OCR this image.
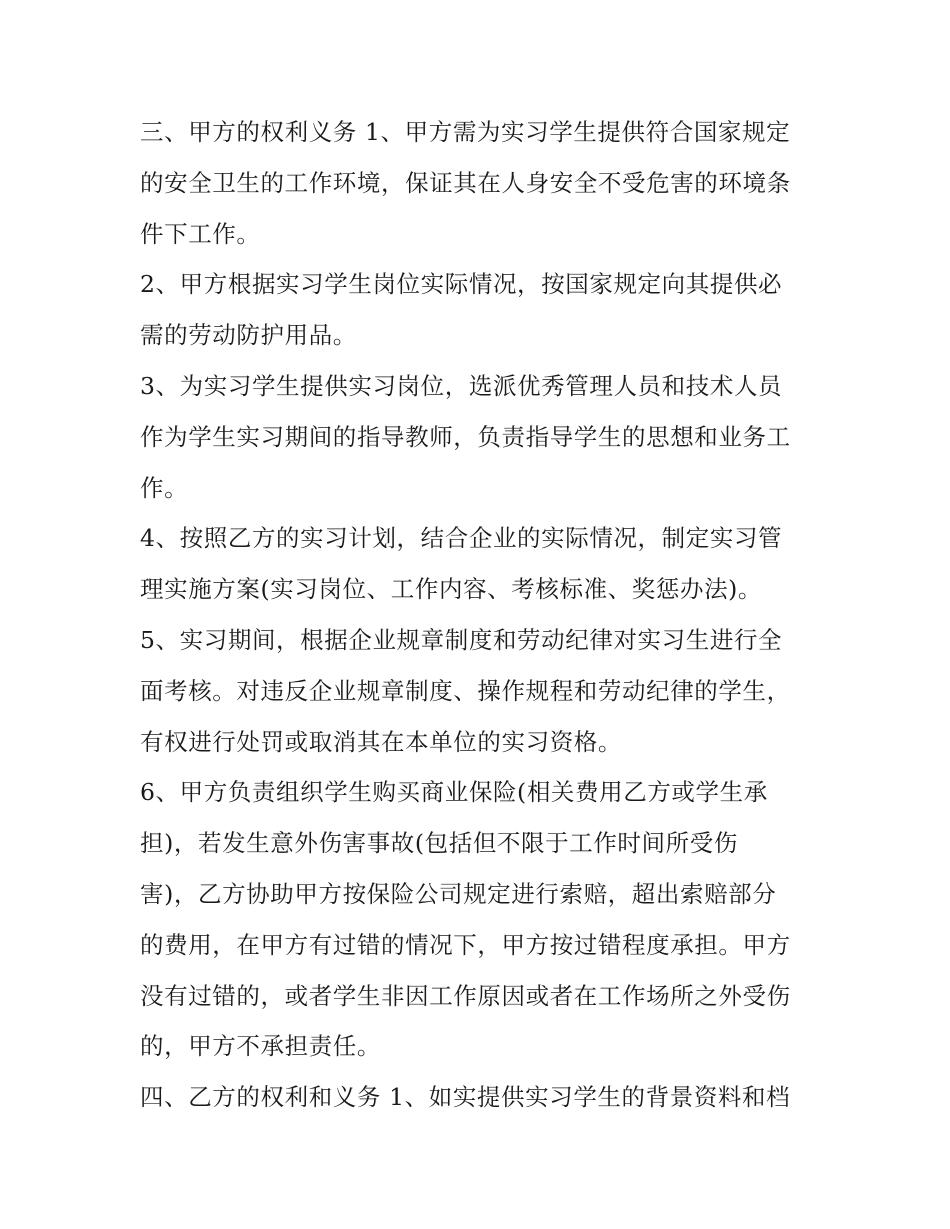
三、甲方的权利义务 1、甲方需为实习学生提供符合国家规定
的安全卫生的工作环境，保证其在人身安全不受危害的环境条
件下工作。
2、甲方根据实习学生岗位实际情况，按国家规定向其提供必
需的劳动防护用品。
3、为实习学生提供实习岗位，选派优秀管理人员和技术人员
作为学生实习期间的指导教师，负责指导学生的思想和业务工
作。
4、按照乙方的实习计划，结合企业的实际情况，制定实习管
理实施方案(实习岗位、工作内容、考核标准、奖惩办法)。
5、实习期间，根据企业规章制度和劳动纪律对实习生进行全
面考核。对违反企业规章制度、操作规程和劳动纪律的学生，
有权进行处罚或取消其在本单位的实习资格。
6、甲方负责组织学生购买商业保险(相关费用乙方或学生承
担)，若发生意外伤害事故(包括但不限于工作时间所受伤
害)，乙方协助甲方按保险公司规定进行索赔，超出索赔部分
的费用，在甲方有过错的情况下，甲方按过错程度承担。甲方
没有过错的，或者学生非因工作原因或者在工作场所之外受伤
的，甲方不承担责任。
四、乙方的权利和义务 1、如实提供实习学生的背景资料和档
